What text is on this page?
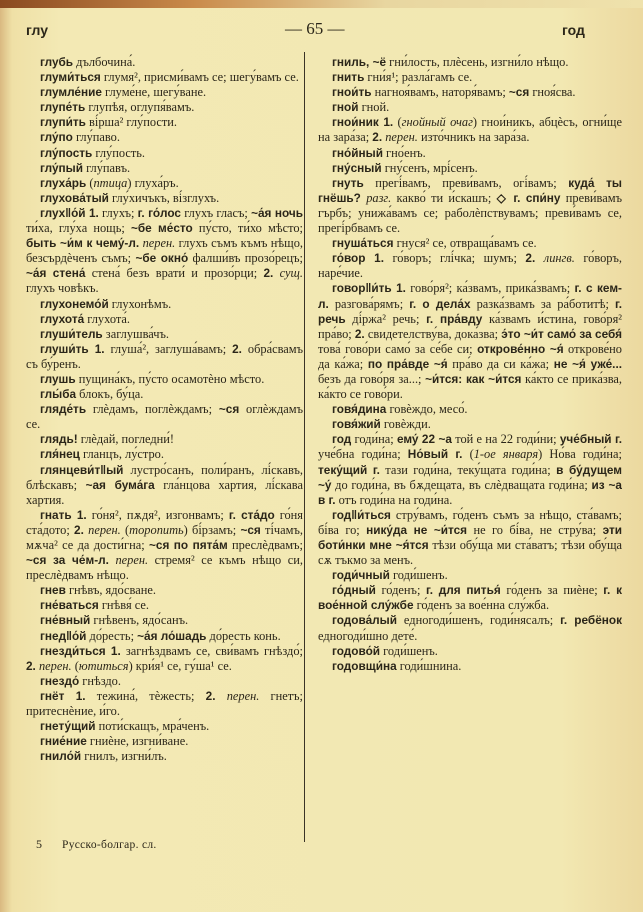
глу	— 65 —	год

глубь дълбочина́.

глуми́ться глумя², присми́вамъ се; шегу́вамъ се.

глумле́ние глуме́не, шегу́ване.

глупе́ть глупѣя, оглупя́вамъ.

глупи́ть ві́рша² глу́пости.

глу́по глу́паво.

глу́пость глу́пость.

глу́пый глу́павъ.

глуха́рь (птица) глуха́ръ.

глухова́тый глу́хичъкъ, ві́зглухъ.

глух‖о́й 1. глухъ; г. го́лос глухъ гласъ; ~а́я ночь ти́ха, глу́ха нощь; ~бе ме́сто пу́сто, ти́хо мѣсто; быть ~и́м к чему́-л. перен. глухъ съмъ къмъ нѣщо, безсърдѐченъ съмъ; ~бе окно́ фалши́въ прозо́рецъ; ~а́я стена́ стена́ безъ врати́ и прозо́рци; 2. сущ. глухъ човѣкъ.

глухонемо́й глухонѣмъ.

глухота́ глухота́.

глуши́тель заглушва́чъ.

глуши́ть 1. глуша́², заглуша́вамъ; 2. обра́свамъ съ бу́ренъ.

глушь пущина́къ, пу́сто осамотѐно мѣсто.

глы́ба блокъ, бу́ца.

гляде́ть глѐдамъ, поглѐждамъ; ~ся оглѐждамъ се.

глядь! глѐдай, погледни́!

гля́нец гланцъ, лу́стро.

глянцеви́т‖ый лустро́санъ, поли́ранъ, лі́скавъ, блѣскавъ; ~ая бума́га гла́нцова хартия, лі́скава хартия.

гнать 1. го́ня², пѫдя², изгонвамъ; г. ста́до го́ня ста́дото; 2. перен. (торопить) бі́рзамъ; ~ся ті́чамъ, мѫча² се да дости́гна; ~ся по пята́м преслѐдвамъ; ~ся за че́м-л. перен. стремя² се къмъ нѣщо си, преслѐдвамъ нѣщо.

гнев гнѣвъ, ядо́сване.

гне́ваться гнѣвя́ се.

гне́вный гнѣвенъ, ядо́санъ.

гнед‖о́й до́ресть; ~а́я ло́шадь до́ресть конь.

гнезди́ться 1. загнѣздвамъ се, сви́вамъ гнѣздо́; 2. перен. (ютиться) кри́я¹ се, гу́ша¹ се.

гнездо́ гнѣздо.

гнёт 1. тежина́, тѐжесть; 2. перен. гнетъ; притеснѐние, и́го.

гнету́щий поти́скащъ, мра́ченъ.

гние́ние гниѐне, изгни́ване.

гнило́й гнилъ, изгни́лъ.

гниль, ~ё гни́лость, плѐсень, изгни́ло нѣщо.

гнить гни́я¹; разла́гамъ се.

гнои́ть нагноя́вамъ, наторя́вамъ; ~ся гноя́сва.

гной гной.

гнои́ник 1. (гнойный очаг) гнои́никъ, абцѐсъ, огни́ще на зара́за; 2. перен. изто́чникъ на зара́за.

гно́йный гно́енъ.

гну́сный гну́сенъ, мрі́сенъ.

гнуть прегі́вамъ, преви́вамъ, огі́вамъ; куда́ ты гнёшь? разг. какво́ ти и́скашъ; ◇ г. спи́ну преви́вамъ гърбъ; унижа́вамъ се; раболѐпствувамъ; преви́вамъ се, прегі́рбвамъ се.

гнуша́ться гнуся² се, отвраща́вамъ се.

го́вор 1. го́воръ; глі́чка; шумъ; 2. лингв. го́воръ, наре́чие.

говор‖и́ть 1. гово́ря²; ка́звамъ, прика́звамъ; г. с кем-л. разгова́рямъ; г. о дела́х разка́звамъ за ра́ботитѣ; г. речь ді́ржа² речь; г. пра́вду ка́звамъ и́стина, гово́ря² пра́во; 2. свидетелству́ва, дока́зва; э́то ~и́т само́ за себя́ това́ гово́ри само́ за се́бе си; открове́нно ~я́ открове́но да ка́жа; по пра́вде ~я́ пра́во да си ка́жа; не ~я́ уже́... безъ да гово́ря за...; ~и́тся: как ~и́тся ка́кто се прика́зва, ка́кто се гово́ри.

говя́дина говѐждо, месо́.

говя́жий говѐжди.

год годи́на; ему́ 22 ~а той е на 22 годи́ни; уче́бный г. уче́бна годи́на; Но́вый г. (1-ое января) Но́ва годи́на; теку́щий г. тази годи́на, теку́щата годи́на; в бу́дущем ~у́ до годи́на, въ бѫдещата, въ слѐдващата годи́на; из ~а в г. отъ годи́на на годи́на.

год‖и́ться стру́вамъ, го́денъ съмъ за нѣщо, ста́вамъ; бі́ва го; нику́да не ~и́тся не го бі́ва, не стру́ва; эти боти́нки мне ~я́тся тѣзи обу́ща ми ста́ватъ; тѣзи обу́ща сѫ тъкмо за менъ.

годи́чный годи́шенъ.

го́дный го́денъ; г. для питья́ го́денъ за пиѐне; г. к вое́нной слу́жбе го́денъ за вое́нна слу́жба.

годова́лый едногоди́шенъ, годи́нясалъ; г. ребёнок едногоди́шно дете́.

годово́й годи́шенъ.

годовщи́на годи́шнина.

5 Русско-болгар. сл.
